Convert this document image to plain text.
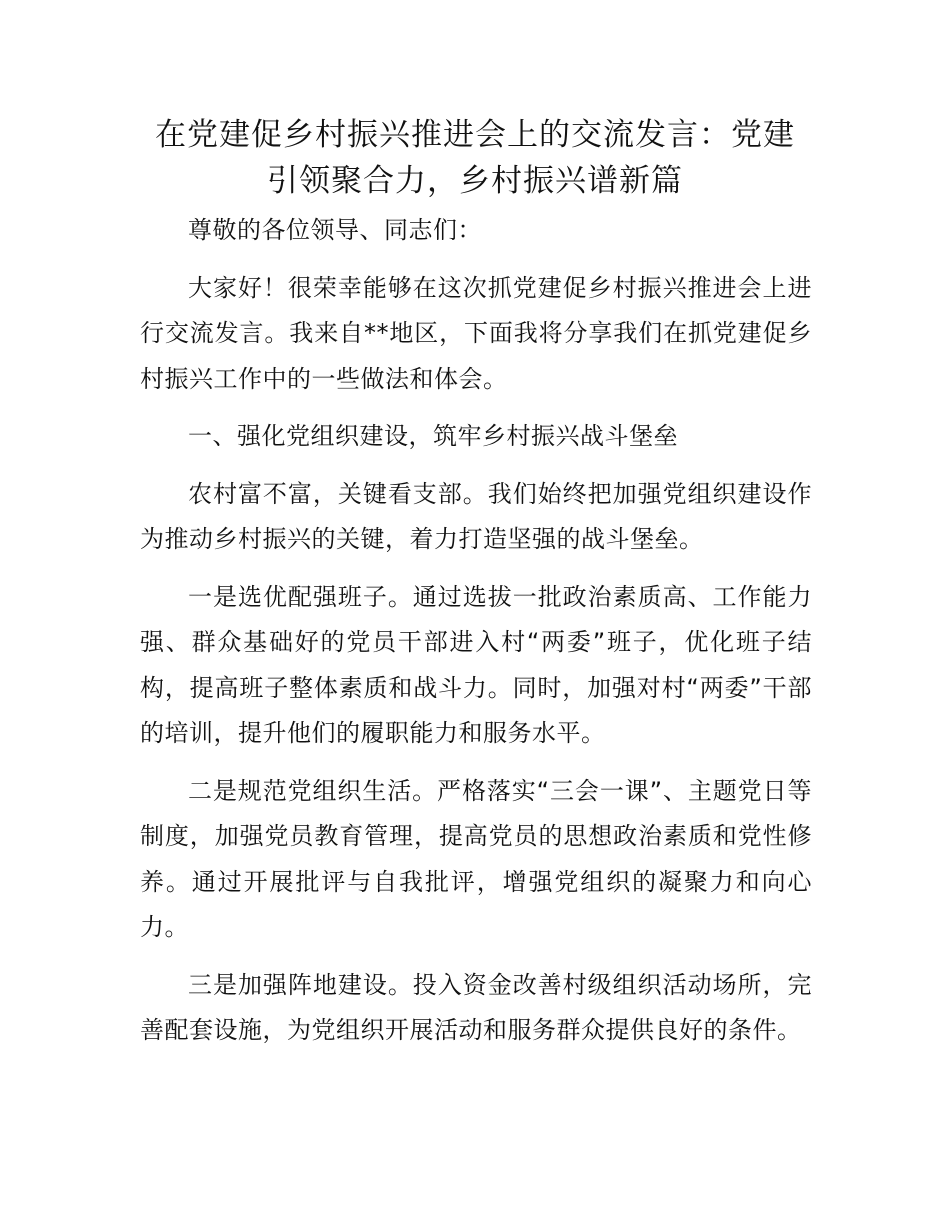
在党建促乡村振兴推进会上的交流发言：党建引领聚合力，乡村振兴谱新篇

尊敬的各位领导、同志们：

大家好！很荣幸能够在这次抓党建促乡村振兴推进会上进行交流发言。我来自**地区，下面我将分享我们在抓党建促乡村振兴工作中的一些做法和体会。

一、强化党组织建设，筑牢乡村振兴战斗堡垒

农村富不富，关键看支部。我们始终把加强党组织建设作为推动乡村振兴的关键，着力打造坚强的战斗堡垒。

一是选优配强班子。通过选拔一批政治素质高、工作能力强、群众基础好的党员干部进入村“两委”班子，优化班子结构，提高班子整体素质和战斗力。同时，加强对村“两委”干部的培训，提升他们的履职能力和服务水平。

二是规范党组织生活。严格落实“三会一课”、主题党日等制度，加强党员教育管理，提高党员的思想政治素质和党性修养。通过开展批评与自我批评，增强党组织的凝聚力和向心力。

三是加强阵地建设。投入资金改善村级组织活动场所，完善配套设施，为党组织开展活动和服务群众提供良好的条件。
